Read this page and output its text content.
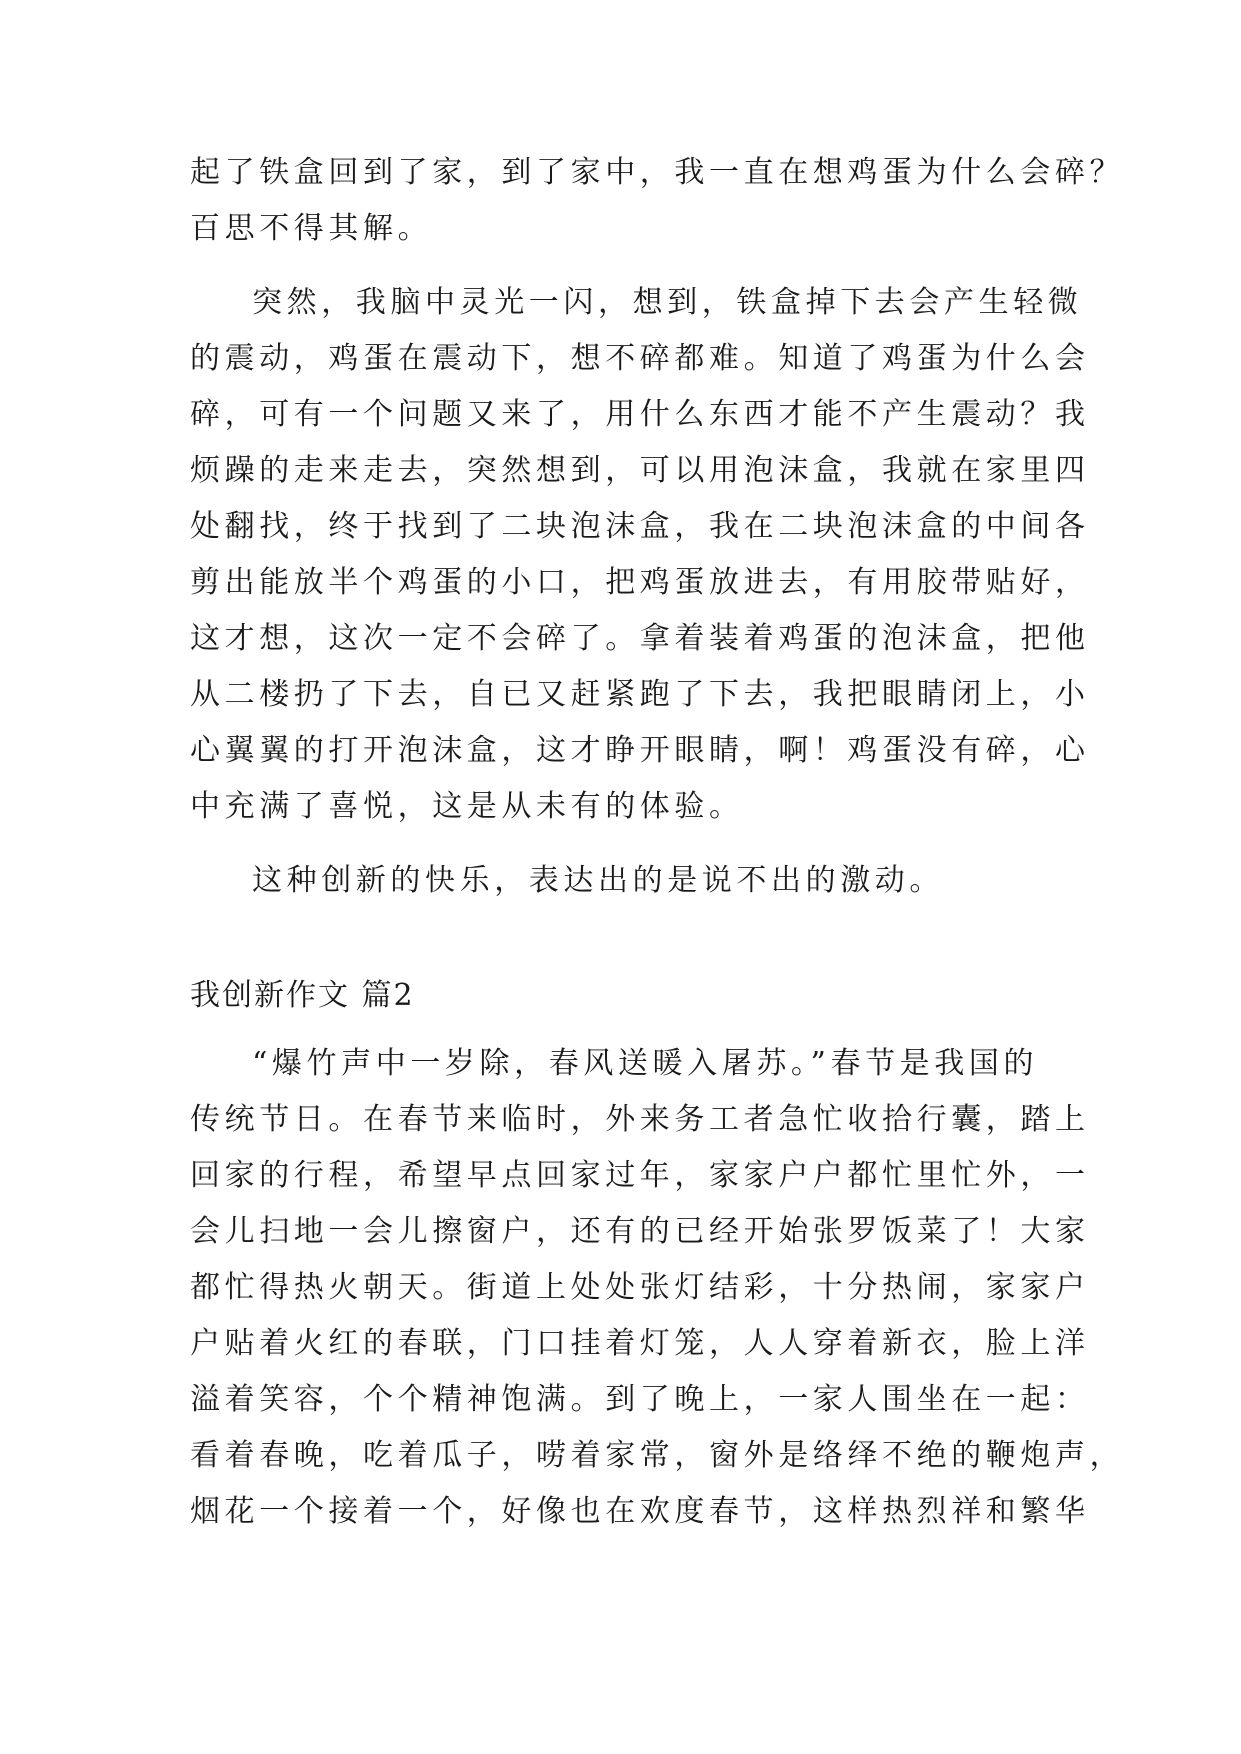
起了铁盒回到了家，到了家中，我一直在想鸡蛋为什么会碎？
百思不得其解。
突然，我脑中灵光一闪，想到，铁盒掉下去会产生轻微
的震动，鸡蛋在震动下，想不碎都难。知道了鸡蛋为什么会
碎，可有一个问题又来了，用什么东西才能不产生震动？我
烦躁的走来走去，突然想到，可以用泡沫盒，我就在家里四
处翻找，终于找到了二块泡沫盒，我在二块泡沫盒的中间各
剪出能放半个鸡蛋的小口，把鸡蛋放进去，有用胶带贴好，
这才想，这次一定不会碎了。拿着装着鸡蛋的泡沫盒，把他
从二楼扔了下去，自已又赶紧跑了下去，我把眼睛闭上，小
心翼翼的打开泡沫盒，这才睁开眼睛，啊！鸡蛋没有碎，心
中充满了喜悦，这是从未有的体验。
这种创新的快乐，表达出的是说不出的激动。
我创新作文 篇2
“爆竹声中一岁除，春风送暖入屠苏。”春节是我国的
传统节日。在春节来临时，外来务工者急忙收拾行囊，踏上
回家的行程，希望早点回家过年，家家户户都忙里忙外，一
会儿扫地一会儿擦窗户，还有的已经开始张罗饭菜了！大家
都忙得热火朝天。街道上处处张灯结彩，十分热闹，家家户
户贴着火红的春联，门口挂着灯笼，人人穿着新衣，脸上洋
溢着笑容，个个精神饱满。到了晚上，一家人围坐在一起：
看着春晚，吃着瓜子，唠着家常，窗外是络绎不绝的鞭炮声，
烟花一个接着一个，好像也在欢度春节，这样热烈祥和繁华
